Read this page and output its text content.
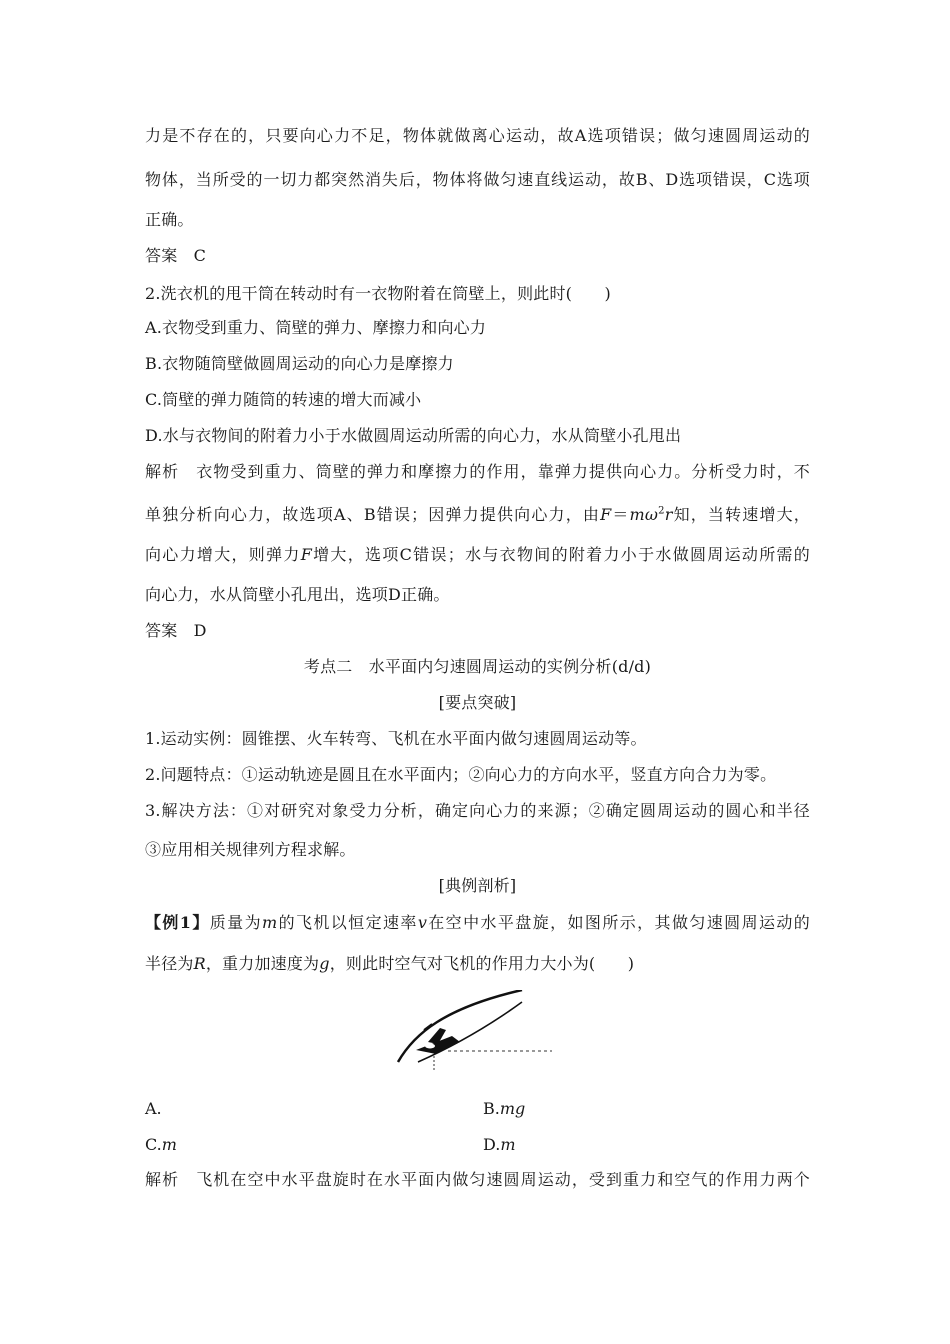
力是不存在的，只要向心力不足，物体就做离心运动，故A选项错误；做匀速圆周运动的
物体，当所受的一切力都突然消失后，物体将做匀速直线运动，故B、D选项错误，C选项
正确。
答案　C
2.洗衣机的甩干筒在转动时有一衣物附着在筒壁上，则此时(　　)
A.衣物受到重力、筒壁的弹力、摩擦力和向心力
B.衣物随筒壁做圆周运动的向心力是摩擦力
C.筒壁的弹力随筒的转速的增大而减小
D.水与衣物间的附着力小于水做圆周运动所需的向心力，水从筒壁小孔甩出
解析　衣物受到重力、筒壁的弹力和摩擦力的作用，靠弹力提供向心力。分析受力时，不
单独分析向心力，故选项A、B错误；因弹力提供向心力，由$F=m\omega^2r$知，当转速增大，
向心力增大，则弹力F增大，选项C错误；水与衣物间的附着力小于水做圆周运动所需的
向心力，水从筒壁小孔甩出，选项D正确。
答案　D
考点二　水平面内匀速圆周运动的实例分析(d/d)
[要点突破]
1.运动实例：圆锥摆、火车转弯、飞机在水平面内做匀速圆周运动等。
2.问题特点：①运动轨迹是圆且在水平面内；②向心力的方向水平，竖直方向合力为零。
3.解决方法：①对研究对象受力分析，确定向心力的来源；②确定圆周运动的圆心和半径
③应用相关规律列方程求解。
[典例剖析]
【例1】质量为m的飞机以恒定速率v在空中水平盘旋，如图所示，其做匀速圆周运动的
半径为R，重力加速度为g，则此时空气对飞机的作用力大小为(　　)
A.	B.mg
C.m	D.m
解析　飞机在空中水平盘旋时在水平面内做匀速圆周运动，受到重力和空气的作用力两个
